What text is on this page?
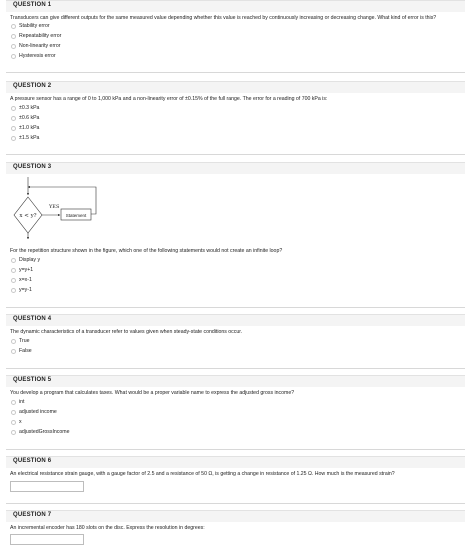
QUESTION 1
Transducers can give different outputs for the same measured value depending whether this value is reached by continuously increasing or decreasing change. What kind of error is this?
Stability error
Repeatability error
Non-linearity error
Hysteresis error
QUESTION 2
A pressure sensor has a range of 0 to 1,000 kPa and a non-linearity error of ±0.15% of the full range. The error for a reading of 700 kPa is:
±0.3 kPa
±0.6 kPa
±1.0 kPa
±1.5 kPa
QUESTION 3
x < y?
YES
Statement
For the repetition structure shown in the figure, which one of the following statements would not create an infinite loop?
Display y
y=y+1
x=x-1
y=y-1
QUESTION 4
The dynamic characteristics of a transducer refer to values given when steady-state conditions occur.
True
False
QUESTION 5
You develop a program that calculates taxes. What would be a proper variable name to express the adjusted gross income?
int
adjusted income
x
adjustedGrossIncome
QUESTION 6
An electrical resistance strain gauge, with a gauge factor of 2.5 and a resistance of 50 Ω, is getting a change in resistance of 1.25 Ω. How much is the measured strain?
QUESTION 7
An incremental encoder has 180 slots on the disc. Express the resolution in degrees:
